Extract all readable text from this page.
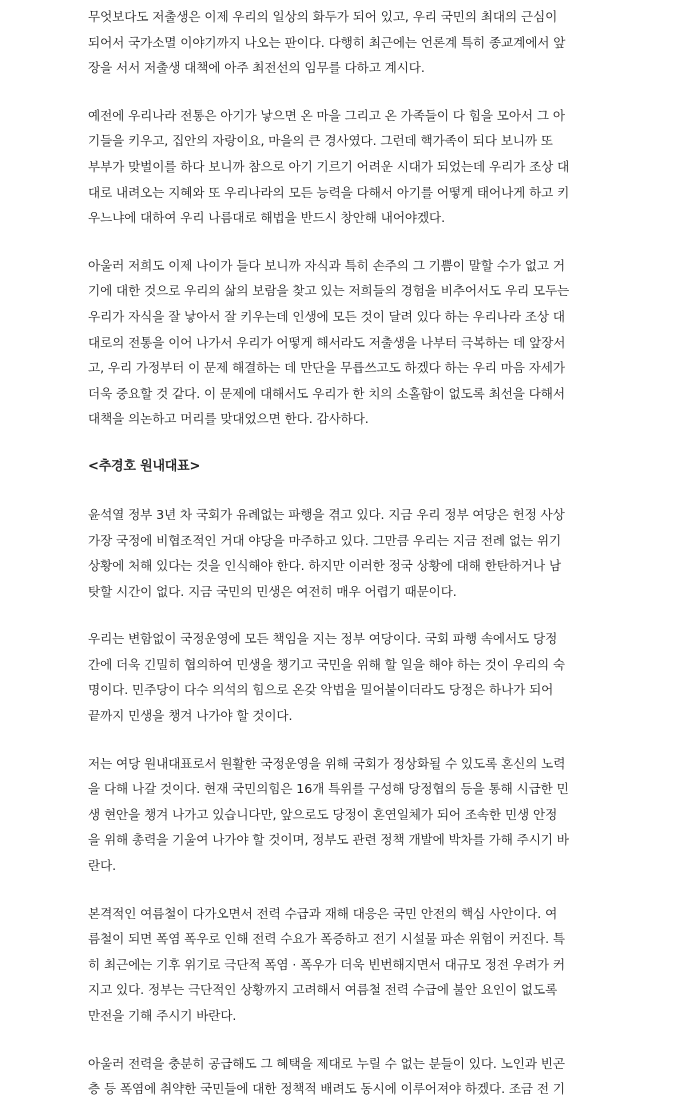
무엇보다도 저출생은 이제 우리의 일상의 화두가 되어 있고, 우리 국민의 최대의 근심이
되어서 국가소멸 이야기까지 나오는 판이다. 다행히 최근에는 언론계 특히 종교계에서 앞
장을 서서 저출생 대책에 아주 최전선의 임무를 다하고 계시다.

예전에 우리나라 전통은 아기가 낳으면 온 마을 그리고 온 가족들이 다 힘을 모아서 그 아
기들을 키우고, 집안의 자랑이요, 마을의 큰 경사였다. 그런데 핵가족이 되다 보니까 또
부부가 맞벌이를 하다 보니까 참으로 아기 기르기 어려운 시대가 되었는데 우리가 조상 대
대로 내려오는 지혜와 또 우리나라의 모든 능력을 다해서 아기를 어떻게 태어나게 하고 키
우느냐에 대하여 우리 나름대로 해법을 반드시 창안해 내어야겠다.

아울러 저희도 이제 나이가 들다 보니까 자식과 특히 손주의 그 기쁨이 말할 수가 없고 거
기에 대한 것으로 우리의 삶의 보람을 찾고 있는 저희들의 경험을 비추어서도 우리 모두는
우리가 자식을 잘 낳아서 잘 키우는데 인생에 모든 것이 달려 있다 하는 우리나라 조상 대
대로의 전통을 이어 나가서 우리가 어떻게 해서라도 저출생을 나부터 극복하는 데 앞장서
고, 우리 가정부터 이 문제 해결하는 데 만단을 무릅쓰고도 하겠다 하는 우리 마음 자세가
더욱 중요할 것 같다. 이 문제에 대해서도 우리가 한 치의 소홀함이 없도록 최선을 다해서
대책을 의논하고 머리를 맞대었으면 한다. 감사하다.

<추경호 원내대표>

윤석열 정부 3년 차 국회가 유례없는 파행을 겪고 있다. 지금 우리 정부 여당은 헌정 사상
가장 국정에 비협조적인 거대 야당을 마주하고 있다. 그만큼 우리는 지금 전례 없는 위기
상황에 처해 있다는 것을 인식해야 한다. 하지만 이러한 정국 상황에 대해 한탄하거나 남
탓할 시간이 없다. 지금 국민의 민생은 여전히 매우 어렵기 때문이다.

우리는 변함없이 국정운영에 모든 책임을 지는 정부 여당이다. 국회 파행 속에서도 당정
간에 더욱 긴밀히 협의하여 민생을 챙기고 국민을 위해 할 일을 해야 하는 것이 우리의 숙
명이다. 민주당이 다수 의석의 힘으로 온갖 악법을 밀어붙이더라도 당정은 하나가 되어
끝까지 민생을 챙겨 나가야 할 것이다.

저는 여당 원내대표로서 원활한 국정운영을 위해 국회가 정상화될 수 있도록 혼신의 노력
을 다해 나갈 것이다. 현재 국민의힘은 16개 특위를 구성해 당정협의 등을 통해 시급한 민
생 현안을 챙겨 나가고 있습니다만, 앞으로도 당정이 혼연일체가 되어 조속한 민생 안정
을 위해 총력을 기울여 나가야 할 것이며, 정부도 관련 정책 개발에 박차를 가해 주시기 바
란다.

본격적인 여름철이 다가오면서 전력 수급과 재해 대응은 국민 안전의 핵심 사안이다. 여
름철이 되면 폭염 폭우로 인해 전력 수요가 폭증하고 전기 시설물 파손 위험이 커진다. 특
히 최근에는 기후 위기로 극단적 폭염 · 폭우가 더욱 빈번해지면서 대규모 정전 우려가 커
지고 있다. 정부는 극단적인 상황까지 고려해서 여름철 전력 수급에 불안 요인이 없도록
만전을 기해 주시기 바란다.

아울러 전력을 충분히 공급해도 그 혜택을 제대로 누릴 수 없는 분들이 있다. 노인과 빈곤
층 등 폭염에 취약한 국민들에 대한 정책적 배려도 동시에 이루어져야 하겠다. 조금 전 기
